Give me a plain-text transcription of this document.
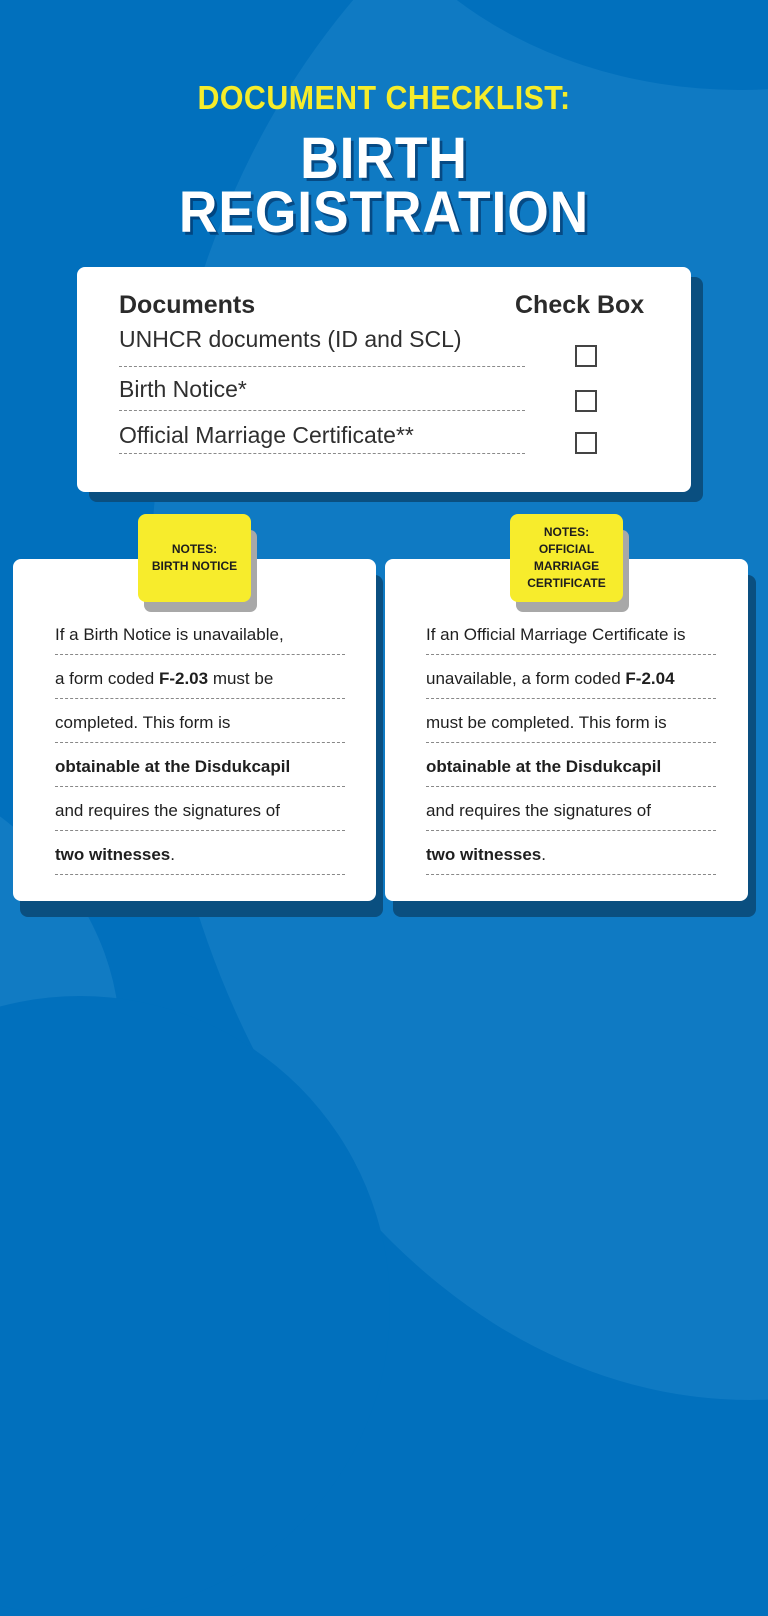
DOCUMENT CHECKLIST:
BIRTH
REGISTRATION
Documents	Check Box
UNHCR documents (ID and SCL)
Birth Notice*
Official Marriage Certificate**
If a Birth Notice is unavailable,
a form coded F-2.03 must be
completed. This form is
obtainable at the Disdukcapil
and requires the signatures of
two witnesses.
NOTES:
BIRTH NOTICE
If an Official Marriage Certificate is
unavailable, a form coded F-2.04
must be completed. This form is
obtainable at the Disdukcapil
and requires the signatures of
two witnesses.
NOTES:
OFFICIAL
MARRIAGE
CERTIFICATE
